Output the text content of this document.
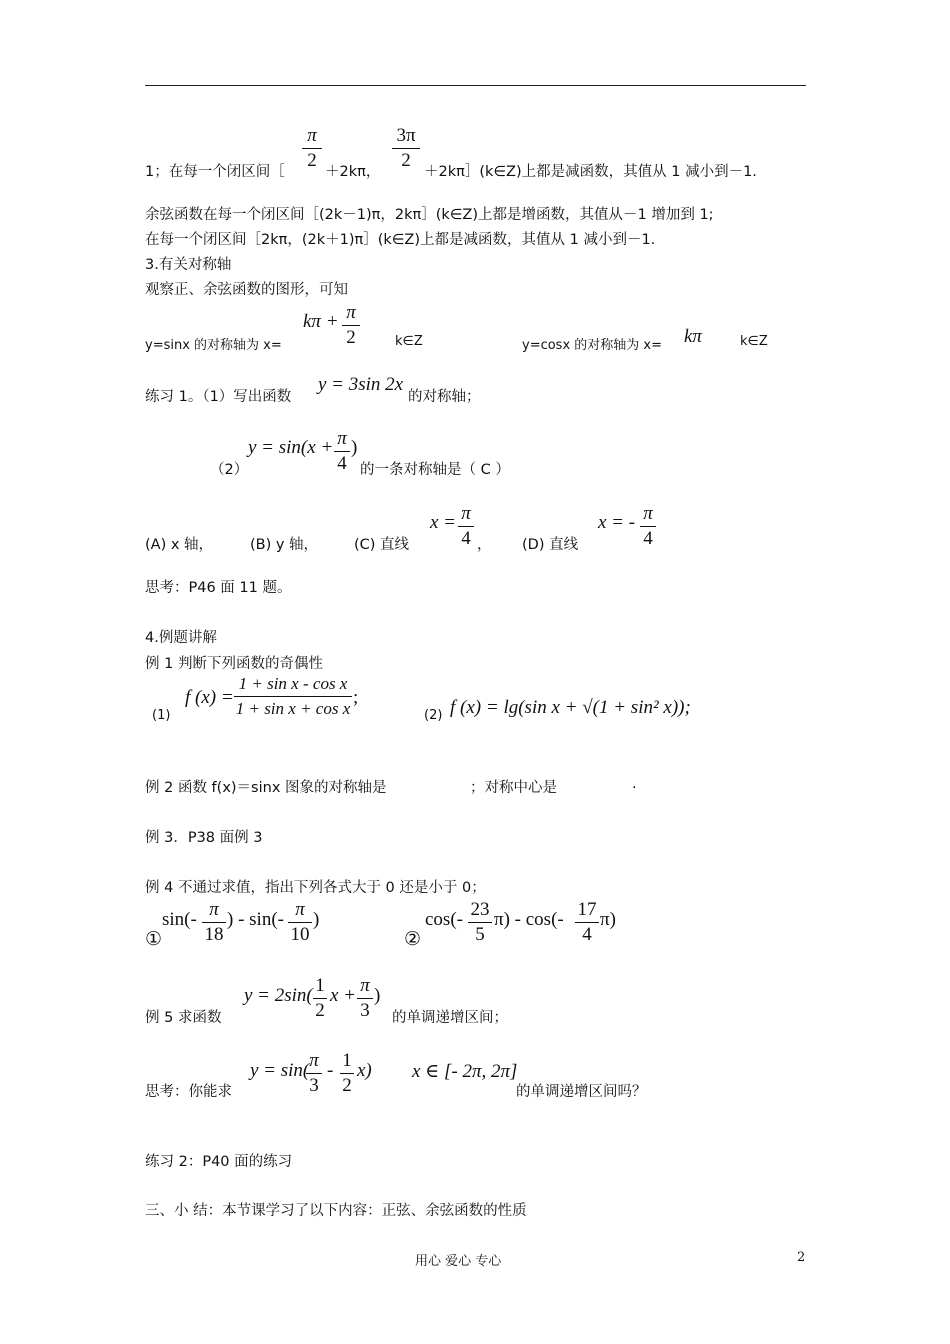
1；在每一个闭区间［
π
2
＋2kπ，
3π
2
＋2kπ］(k∈Z)上都是减函数，其值从 1 减小到－1.
余弦函数在每一个闭区间［(2k－1)π，2kπ］(k∈Z)上都是增函数，其值从－1 增加到 1;
在每一个闭区间［2kπ，(2k＋1)π］(k∈Z)上都是减函数，其值从 1 减小到－1.
3.有关对称轴
观察正、余弦函数的图形，可知
y=sinx 的对称轴为 x=
kπ + π
2	k∈Z	y=cosx 的对称轴为 x= kπ	k∈Z
练习 1。（1）写出函数
y = 3sin 2x
的对称轴；
（2）
y = sin(x + π
4
)
的一条对称轴是（ C ）
(A) x 轴，	(B) y 轴， (C) 直线
x = π
4 ， (D) 直线
x = - π
4
思考：P46 面 11 题。
4.例题讲解
例 1 判断下列函数的奇偶性
(1)
f (x) =
1 + sin x - cos x
1 + sin x + cos x
;
(2) f (x) = lg(sin x + √(1 + sin² x));
例 2 函数 f(x)＝sinx 图象的对称轴是	；对称中心是	.
例 3．P38 面例 3
例 4 不通过求值，指出下列各式大于 0 还是小于 0；
①
sin(- π
18
) - sin(- π
10
)
②
cos(- 23
5
π) - cos(- 17
4
π)
例 5 求函数
y = 2sin( 1
2
x + π
3
)
的单调递增区间；
思考：你能求
y = sin( π
3
- 1
2
x) x ∈ [- 2π, 2π]
的单调递增区间吗？
练习 2：P40 面的练习
三、小 结：本节课学习了以下内容：正弦、余弦函数的性质
用心 爱心 专心	2
